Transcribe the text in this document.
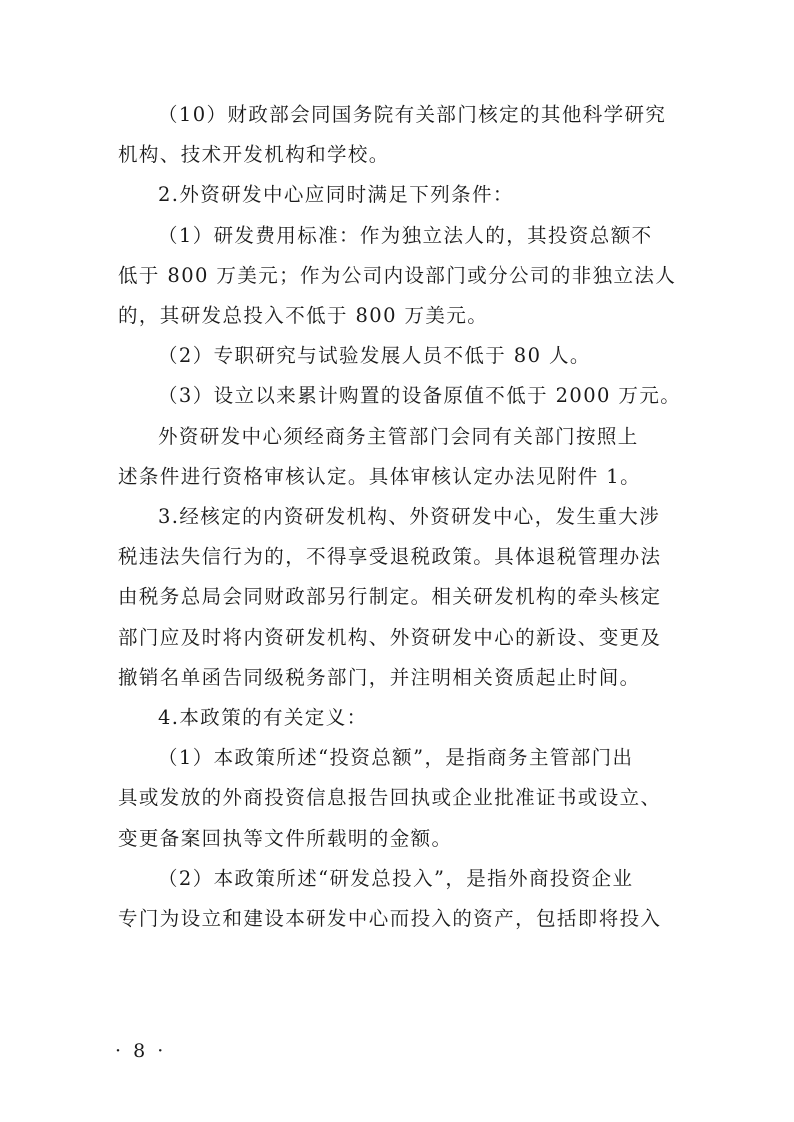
（10）财政部会同国务院有关部门核定的其他科学研究
机构、技术开发机构和学校。

2.外资研发中心应同时满足下列条件：

（1）研发费用标准：作为独立法人的，其投资总额不
低于 800 万美元；作为公司内设部门或分公司的非独立法人
的，其研发总投入不低于 800 万美元。

（2）专职研究与试验发展人员不低于 80 人。

（3）设立以来累计购置的设备原值不低于 2000 万元。

外资研发中心须经商务主管部门会同有关部门按照上
述条件进行资格审核认定。具体审核认定办法见附件 1。

3.经核定的内资研发机构、外资研发中心，发生重大涉
税违法失信行为的，不得享受退税政策。具体退税管理办法
由税务总局会同财政部另行制定。相关研发机构的牵头核定
部门应及时将内资研发机构、外资研发中心的新设、变更及
撤销名单函告同级税务部门，并注明相关资质起止时间。

4.本政策的有关定义：

（1）本政策所述“投资总额”，是指商务主管部门出
具或发放的外商投资信息报告回执或企业批准证书或设立、
变更备案回执等文件所载明的金额。

（2）本政策所述“研发总投入”，是指外商投资企业
专门为设立和建设本研发中心而投入的资产，包括即将投入

· 8 ·
